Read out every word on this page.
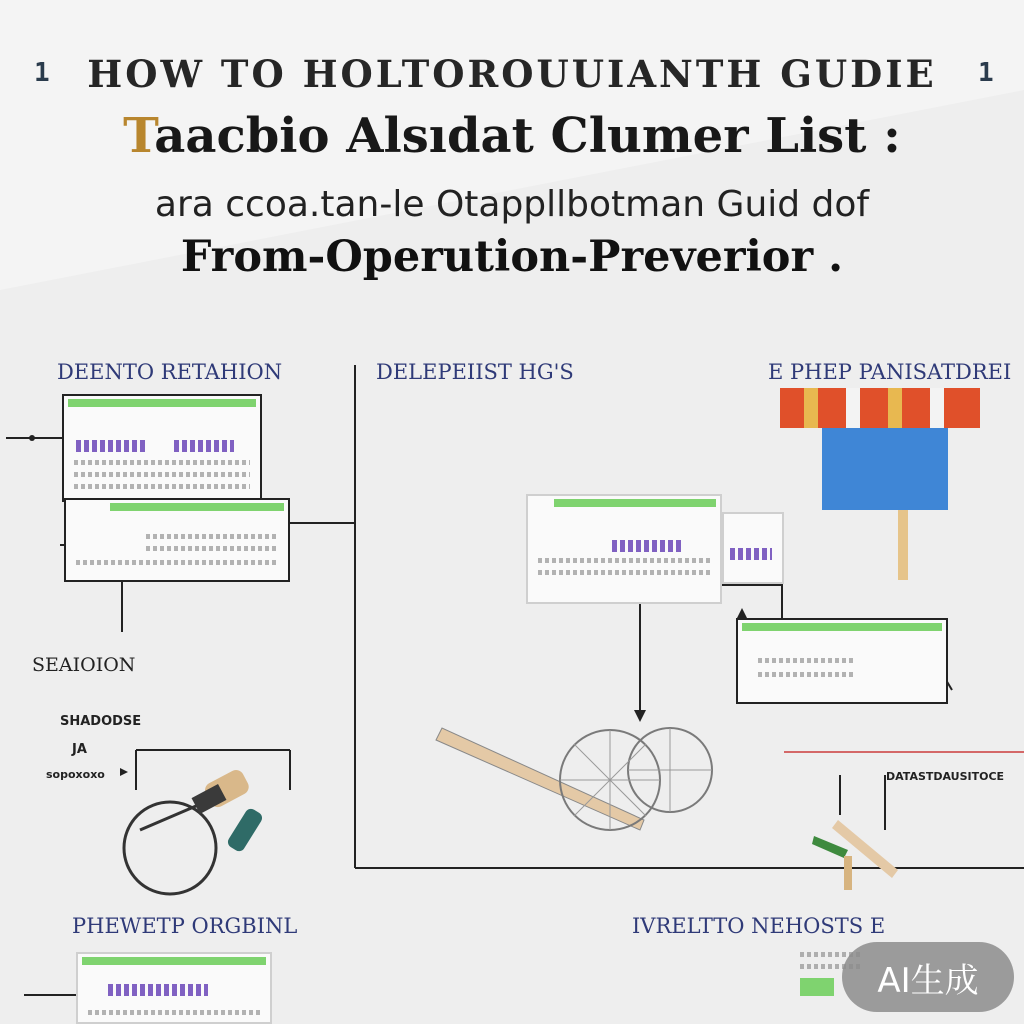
1	HOW TO HOLTOROUUIANTH GUDIE	1
Taacbio Alsıdat Clumer List :
ara ccoa.tan-le Otappllbotman Guid dof
From-Operution-Preverior .
DEENTO RETAHION	DELEPEIIST HG'S	E PHEP PANISATDREI
SEAIOION
SHADODSE
JA
sopoxoxo	DATASTDAUSITOCE
PHEWETP ORGBINL	IVRELTTO NEHOSTS E
AI生成
